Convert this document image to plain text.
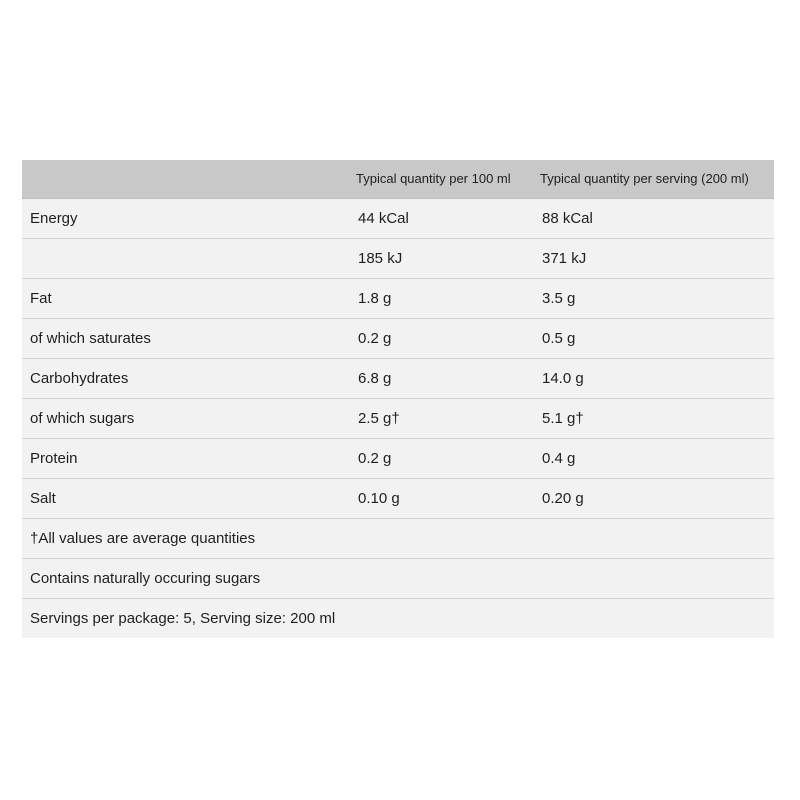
	Typical quantity per 100 ml	Typical quantity per serving (200 ml)
Energy	44 kCal	88 kCal
	185 kJ	371 kJ
Fat	1.8 g	3.5 g
of which saturates	0.2 g	0.5 g
Carbohydrates	6.8 g	14.0 g
of which sugars	2.5 g†	5.1 g†
Protein	0.2 g	0.4 g
Salt	0.10 g	0.20 g
†All values are average quantities		
Contains naturally occuring sugars		
Servings per package: 5, Serving size: 200 ml		
